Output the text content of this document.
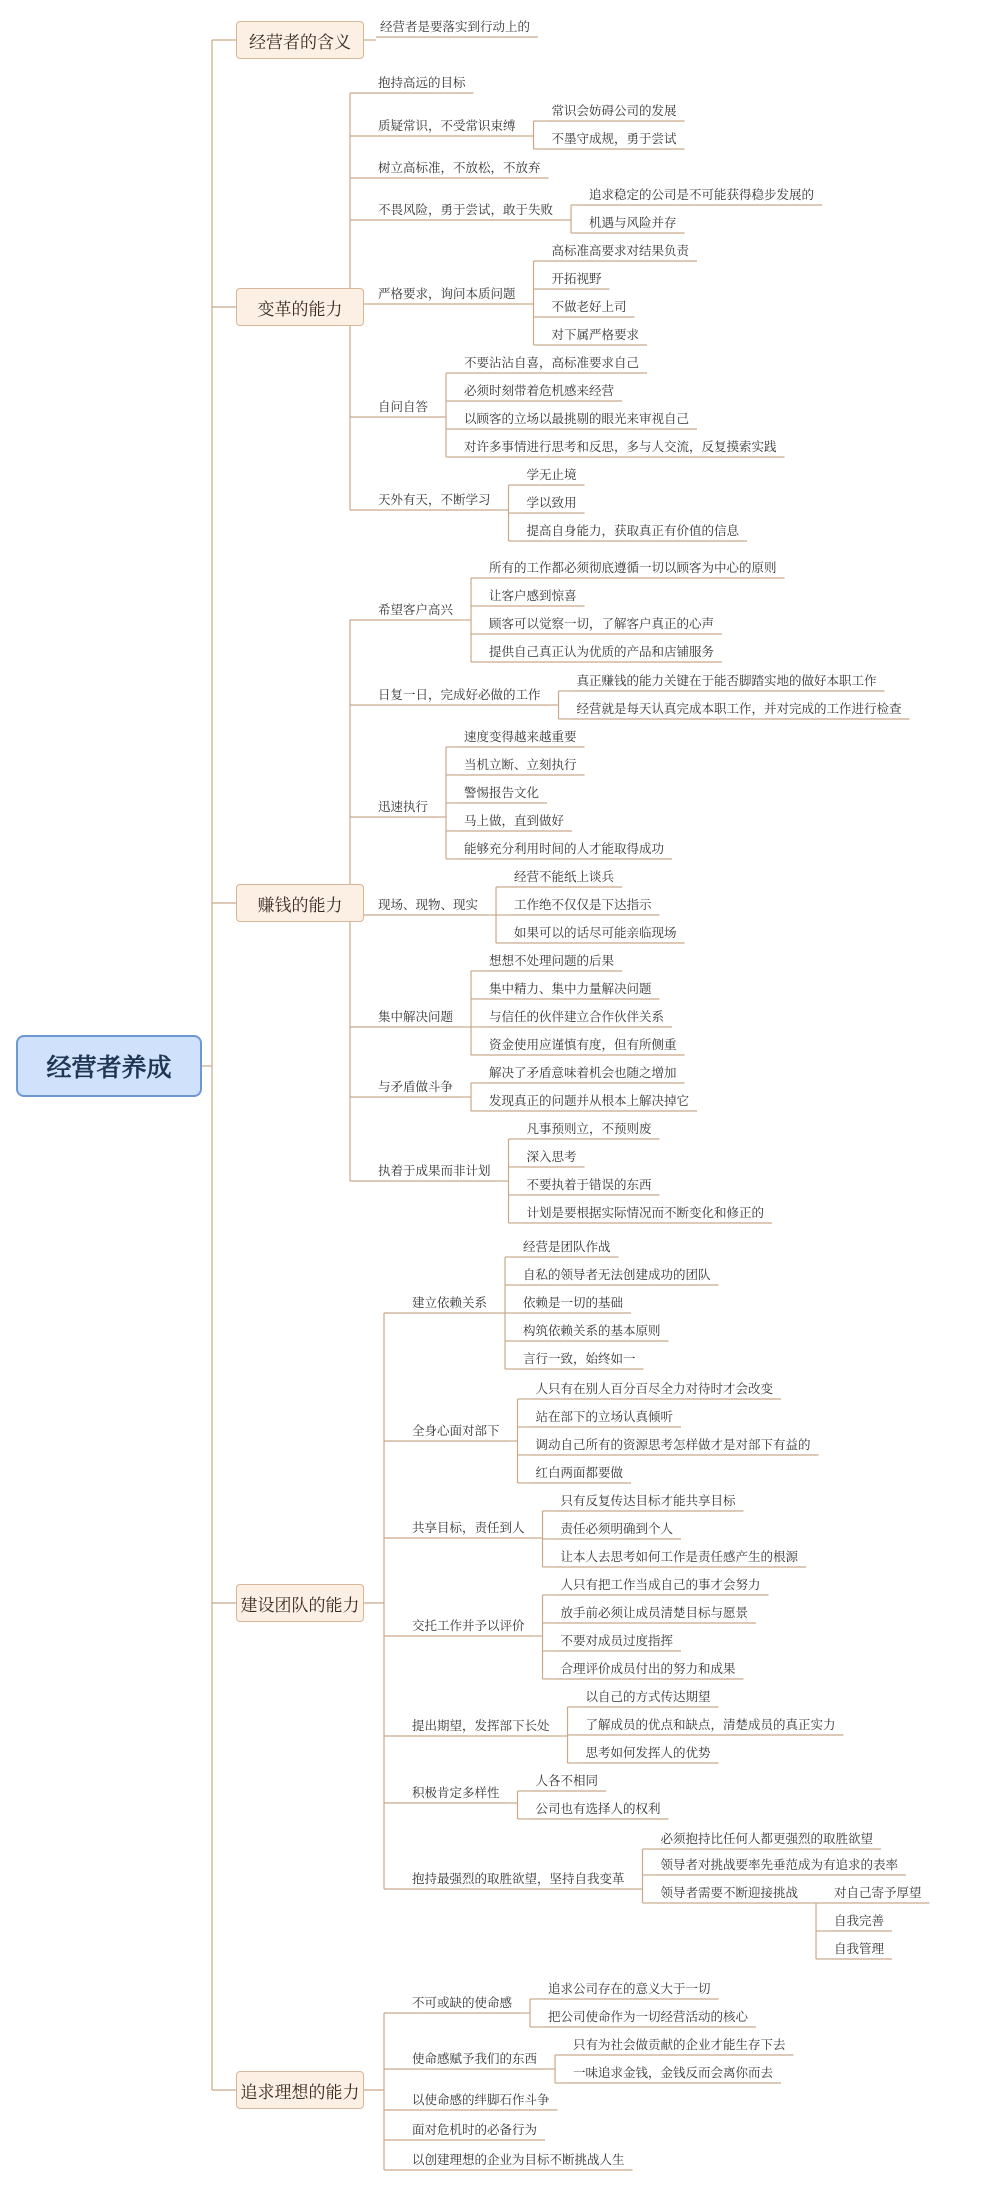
经营者养成
经营者的含义
经营者是要落实到行动上的
变革的能力
抱持高远的目标
质疑常识，不受常识束缚
常识会妨碍公司的发展
不墨守成规，勇于尝试
树立高标准，不放松，不放弃
不畏风险，勇于尝试，敢于失败
追求稳定的公司是不可能获得稳步发展的
机遇与风险并存
严格要求，询问本质问题
高标准高要求对结果负责
开拓视野
不做老好上司
对下属严格要求
自问自答
不要沾沾自喜，高标准要求自己
必须时刻带着危机感来经营
以顾客的立场以最挑剔的眼光来审视自己
对许多事情进行思考和反思，多与人交流，反复摸索实践
天外有天，不断学习
学无止境
学以致用
提高自身能力，获取真正有价值的信息
赚钱的能力
希望客户高兴
所有的工作都必须彻底遵循一切以顾客为中心的原则
让客户感到惊喜
顾客可以觉察一切，了解客户真正的心声
提供自己真正认为优质的产品和店铺服务
日复一日，完成好必做的工作
真正赚钱的能力关键在于能否脚踏实地的做好本职工作
经营就是每天认真完成本职工作，并对完成的工作进行检查
迅速执行
速度变得越来越重要
当机立断、立刻执行
警惕报告文化
马上做，直到做好
能够充分利用时间的人才能取得成功
现场、现物、现实
经营不能纸上谈兵
工作绝不仅仅是下达指示
如果可以的话尽可能亲临现场
集中解决问题
想想不处理问题的后果
集中精力、集中力量解决问题
与信任的伙伴建立合作伙伴关系
资金使用应谨慎有度，但有所侧重
与矛盾做斗争
解决了矛盾意味着机会也随之增加
发现真正的问题并从根本上解决掉它
执着于成果而非计划
凡事预则立，不预则废
深入思考
不要执着于错误的东西
计划是要根据实际情况而不断变化和修正的
建设团队的能力
建立依赖关系
经营是团队作战
自私的领导者无法创建成功的团队
依赖是一切的基础
构筑依赖关系的基本原则
言行一致，始终如一
全身心面对部下
人只有在别人百分百尽全力对待时才会改变
站在部下的立场认真倾听
调动自己所有的资源思考怎样做才是对部下有益的
红白两面都要做
共享目标，责任到人
只有反复传达目标才能共享目标
责任必须明确到个人
让本人去思考如何工作是责任感产生的根源
交托工作并予以评价
人只有把工作当成自己的事才会努力
放手前必须让成员清楚目标与愿景
不要对成员过度指挥
合理评价成员付出的努力和成果
提出期望，发挥部下长处
以自己的方式传达期望
了解成员的优点和缺点，清楚成员的真正实力
思考如何发挥人的优势
积极肯定多样性
人各不相同
公司也有选择人的权利
抱持最强烈的取胜欲望，坚持自我变革
必须抱持比任何人都更强烈的取胜欲望
领导者对挑战要率先垂范成为有追求的表率
领导者需要不断迎接挑战	对自己寄予厚望
自我完善
自我管理
追求理想的能力
不可或缺的使命感
追求公司存在的意义大于一切
把公司使命作为一切经营活动的核心
使命感赋予我们的东西
只有为社会做贡献的企业才能生存下去
一味追求金钱，金钱反而会离你而去
以使命感的绊脚石作斗争
面对危机时的必备行为
以创建理想的企业为目标不断挑战人生
